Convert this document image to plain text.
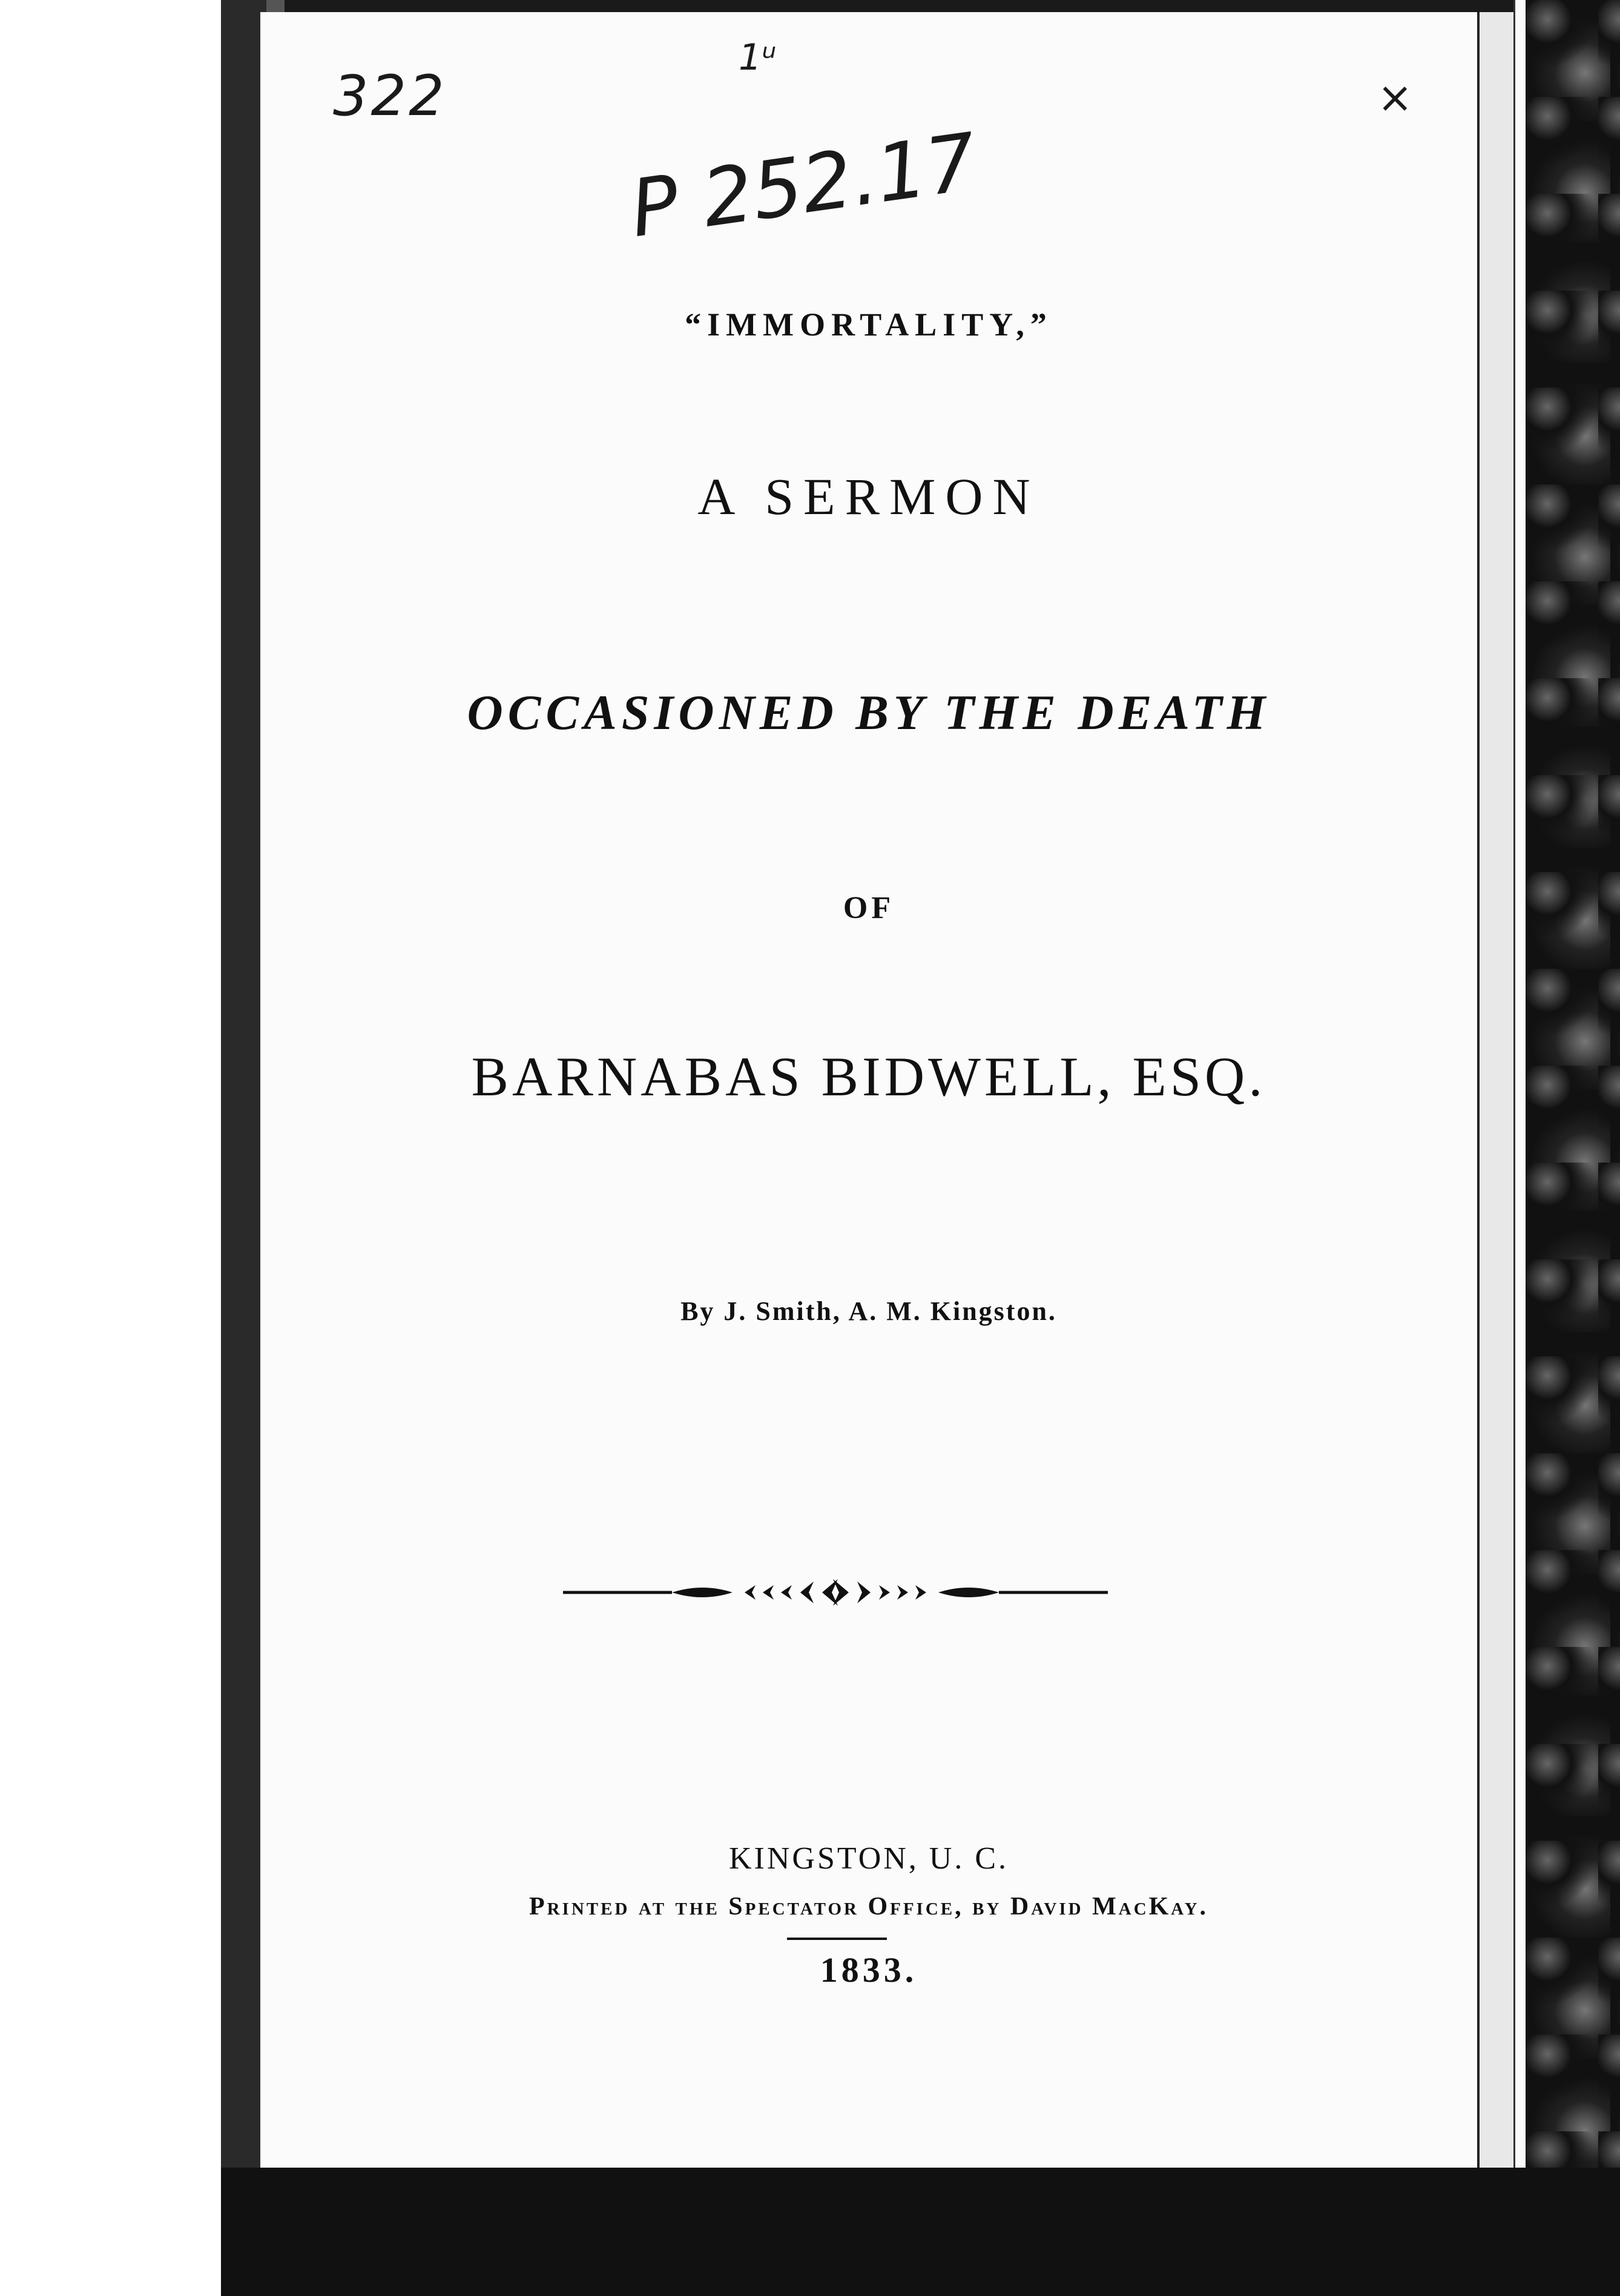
322
1ᵘ
P 252.17
×
“IMMORTALITY,”
A SERMON
OCCASIONED BY THE DEATH
OF
BARNABAS BIDWELL, ESQ.
By J. Smith, A. M. Kingston.
KINGSTON, U. C.
Printed at the Spectator Office, by David MacKay.
1833.
